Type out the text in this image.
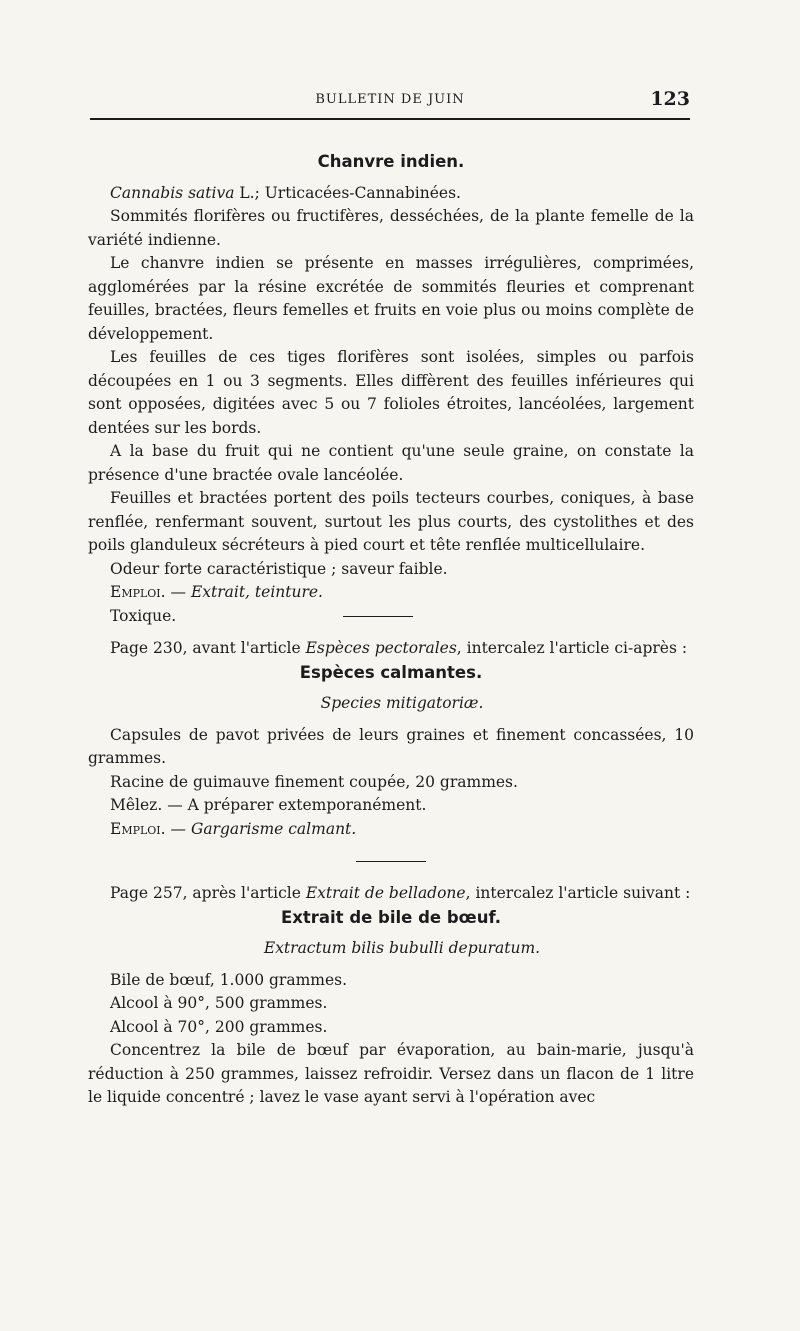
BULLETIN DE JUIN	123
Chanvre indien.

Cannabis sativa L.; Urticacées-Cannabinées.

Sommités florifères ou fructifères, desséchées, de la plante femelle de la variété indienne.

Le chanvre indien se présente en masses irrégulières, comprimées, agglomérées par la résine excrétée de sommités fleuries et comprenant feuilles, bractées, fleurs femelles et fruits en voie plus ou moins complète de développement.

Les feuilles de ces tiges florifères sont isolées, simples ou parfois découpées en 1 ou 3 segments. Elles diffèrent des feuilles inférieures qui sont opposées, digitées avec 5 ou 7 folioles étroites, lancéolées, largement dentées sur les bords.

A la base du fruit qui ne contient qu'une seule graine, on constate la présence d'une bractée ovale lancéolée.

Feuilles et bractées portent des poils tecteurs courbes, coniques, à base renflée, renfermant souvent, surtout les plus courts, des cystolithes et des poils glanduleux sécréteurs à pied court et tête renflée multicellulaire.

Odeur forte caractéristique ; saveur faible.

Emploi. — Extrait, teinture.

Toxique.

Page 230, avant l'article Espèces pectorales, intercalez l'article ci-après :

Espèces calmantes.

Species mitigatoriæ.

Capsules de pavot privées de leurs graines et finement concassées, 10 grammes.

Racine de guimauve finement coupée, 20 grammes.

Mêlez. — A préparer extemporanément.

Emploi. — Gargarisme calmant.

Page 257, après l'article Extrait de belladone, intercalez l'article suivant :

Extrait de bile de bœuf.

Extractum bilis bubulli depuratum.

Bile de bœuf, 1.000 grammes.

Alcool à 90°, 500 grammes.

Alcool à 70°, 200 grammes.

Concentrez la bile de bœuf par évaporation, au bain-marie, jusqu'à réduction à 250 grammes, laissez refroidir. Versez dans un flacon de 1 litre le liquide concentré ; lavez le vase ayant servi à l'opération avec
